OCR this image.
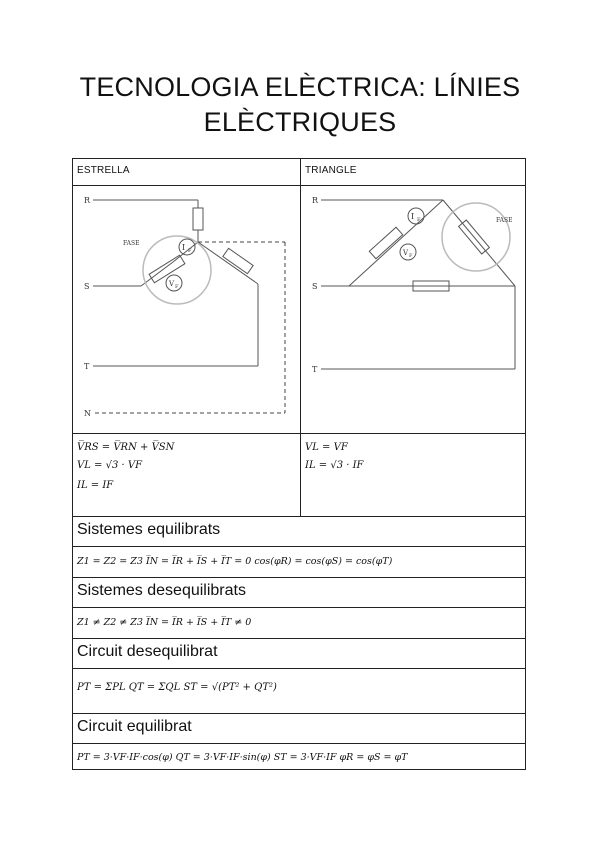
TECNOLOGIA ELÈCTRICA: LÍNIES
ELÈCTRIQUES
ESTRELLA	TRIANGLE
R
S
T
N
FASE	I F
V F
R
S
T
FASE
I F
V F
V̅RS = V̅RN + V̅SN
VL = √3 · VF
IL = IF
VL = VF
IL = √3 · IF
Sistemes equilibrats
Z1 = Z2 = Z3 I̅N = I̅R + I̅S + I̅T = 0 cos(φR) = cos(φS) = cos(φT)
Sistemes desequilibrats
Z1 ≠ Z2 ≠ Z3 I̅N = I̅R + I̅S + I̅T ≠ 0
Circuit desequilibrat
PT = ΣPL QT = ΣQL ST = √(PT² + QT²)
Circuit equilibrat
PT = 3·VF·IF·cos(φ) QT = 3·VF·IF·sin(φ) ST = 3·VF·IF φR = φS = φT
